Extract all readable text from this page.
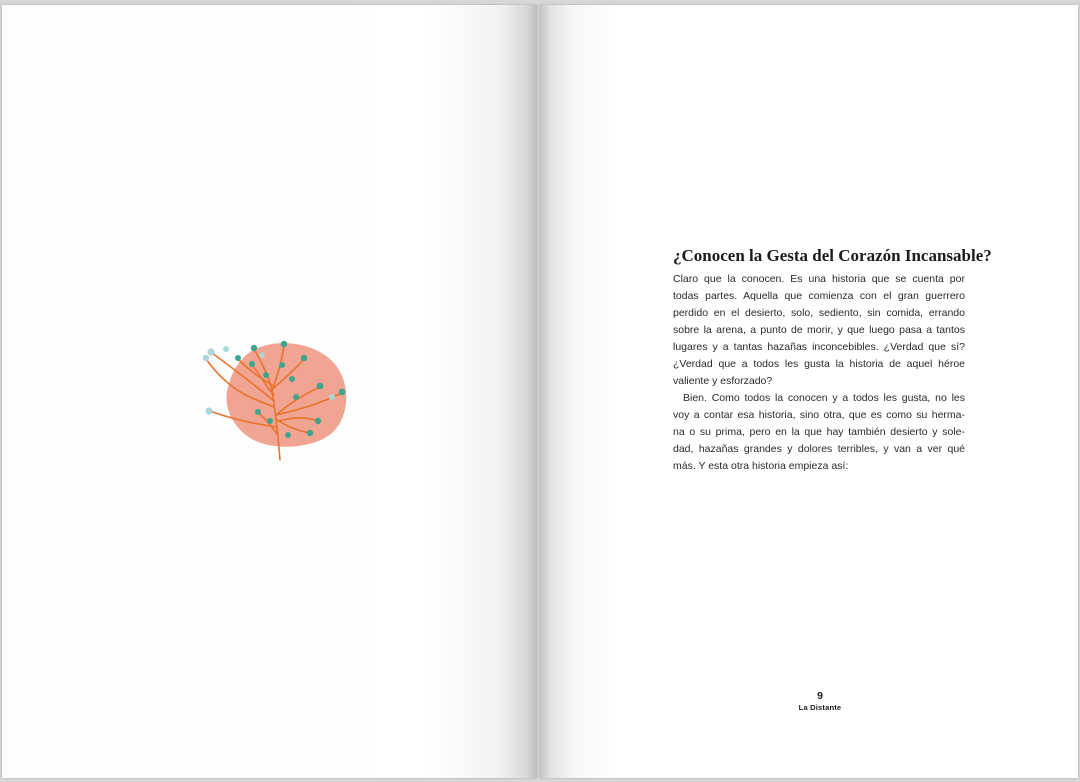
¿Conocen la Gesta del Corazón Incansable?

Claro que la conocen. Es una historia que se cuenta por
todas partes. Aquella que comienza con el gran guerrero
perdido en el desierto, solo, sediento, sin comida, errando
sobre la arena, a punto de morir, y que luego pasa a tantos
lugares y a tantas hazañas inconcebibles. ¿Verdad que sí?
¿Verdad que a todos les gusta la historia de aquel héroe
valiente y esforzado?

Bien. Como todos la conocen y a todos les gusta, no les
voy a contar esa historia, sino otra, que es como su herma-
na o su prima, pero en la que hay también desierto y sole-
dad, hazañas grandes y dolores terribles, y van a ver qué
más. Y esta otra historia empieza así:

9
La Distante
